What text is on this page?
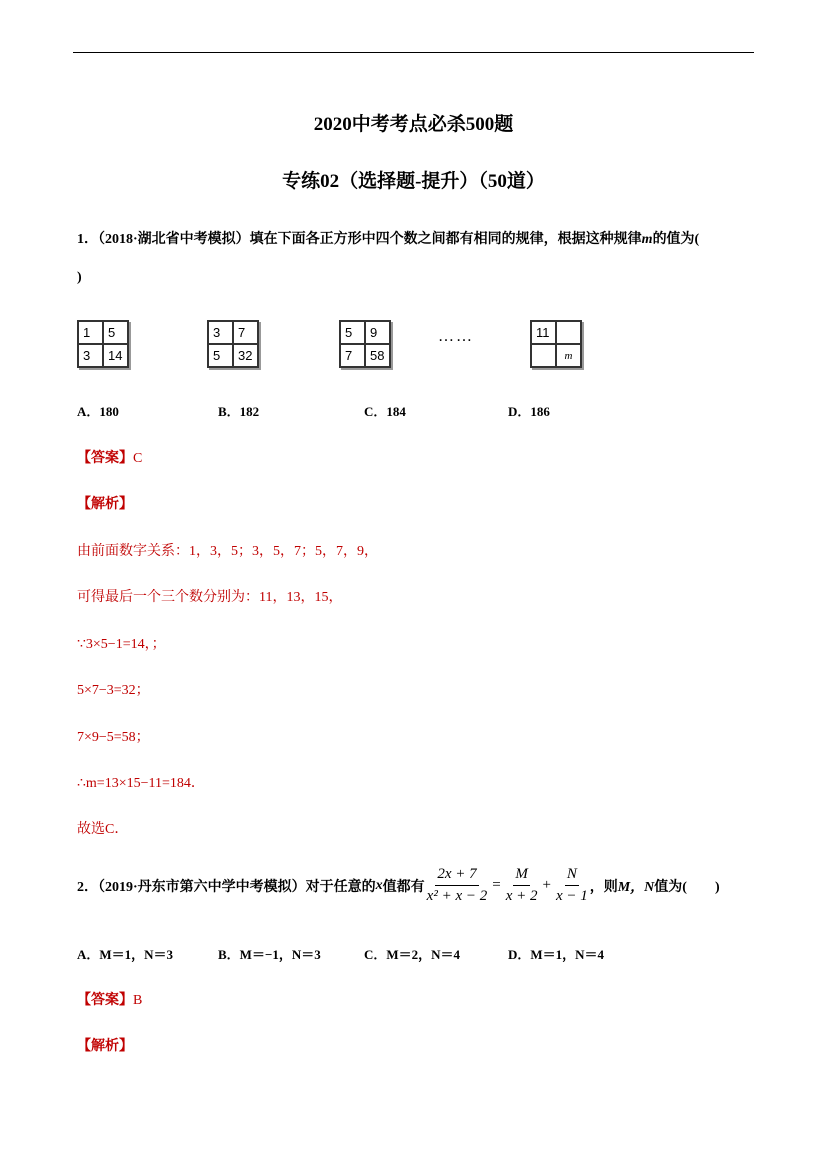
2020中考考点必杀500题
专练02（选择题-提升）（50道）
1．（2018·湖北省中考模拟）填在下面各正方形中四个数之间都有相同的规律，根据这种规律m的值为(
)
1	5
3	14
3	7
5	32
5	9
7	58
……	11
m
A．180	B．182	C．184	D．186
【答案】C
【解析】
由前面数字关系：1，3，5；3，5，7；5，7，9，
可得最后一个三个数分别为：11，13，15，
∵3×5−1=14，；
5×7−3=32；
7×9−5=58；
∴m=13×15−11=184．
故选C．
2．（2019·丹东市第六中学中考模拟）对于任意的 x 值都有 $\frac{2x + 7}{\text{x² + x − 2}} = \frac{M}{x + 2} + \frac{N}{x - 1}$ ，则 M，N 值为(　　)
A．M＝1，N＝3	B．M＝−1，N＝3	C．M＝2，N＝4	D．M＝1，N＝4
【答案】B
【解析】
